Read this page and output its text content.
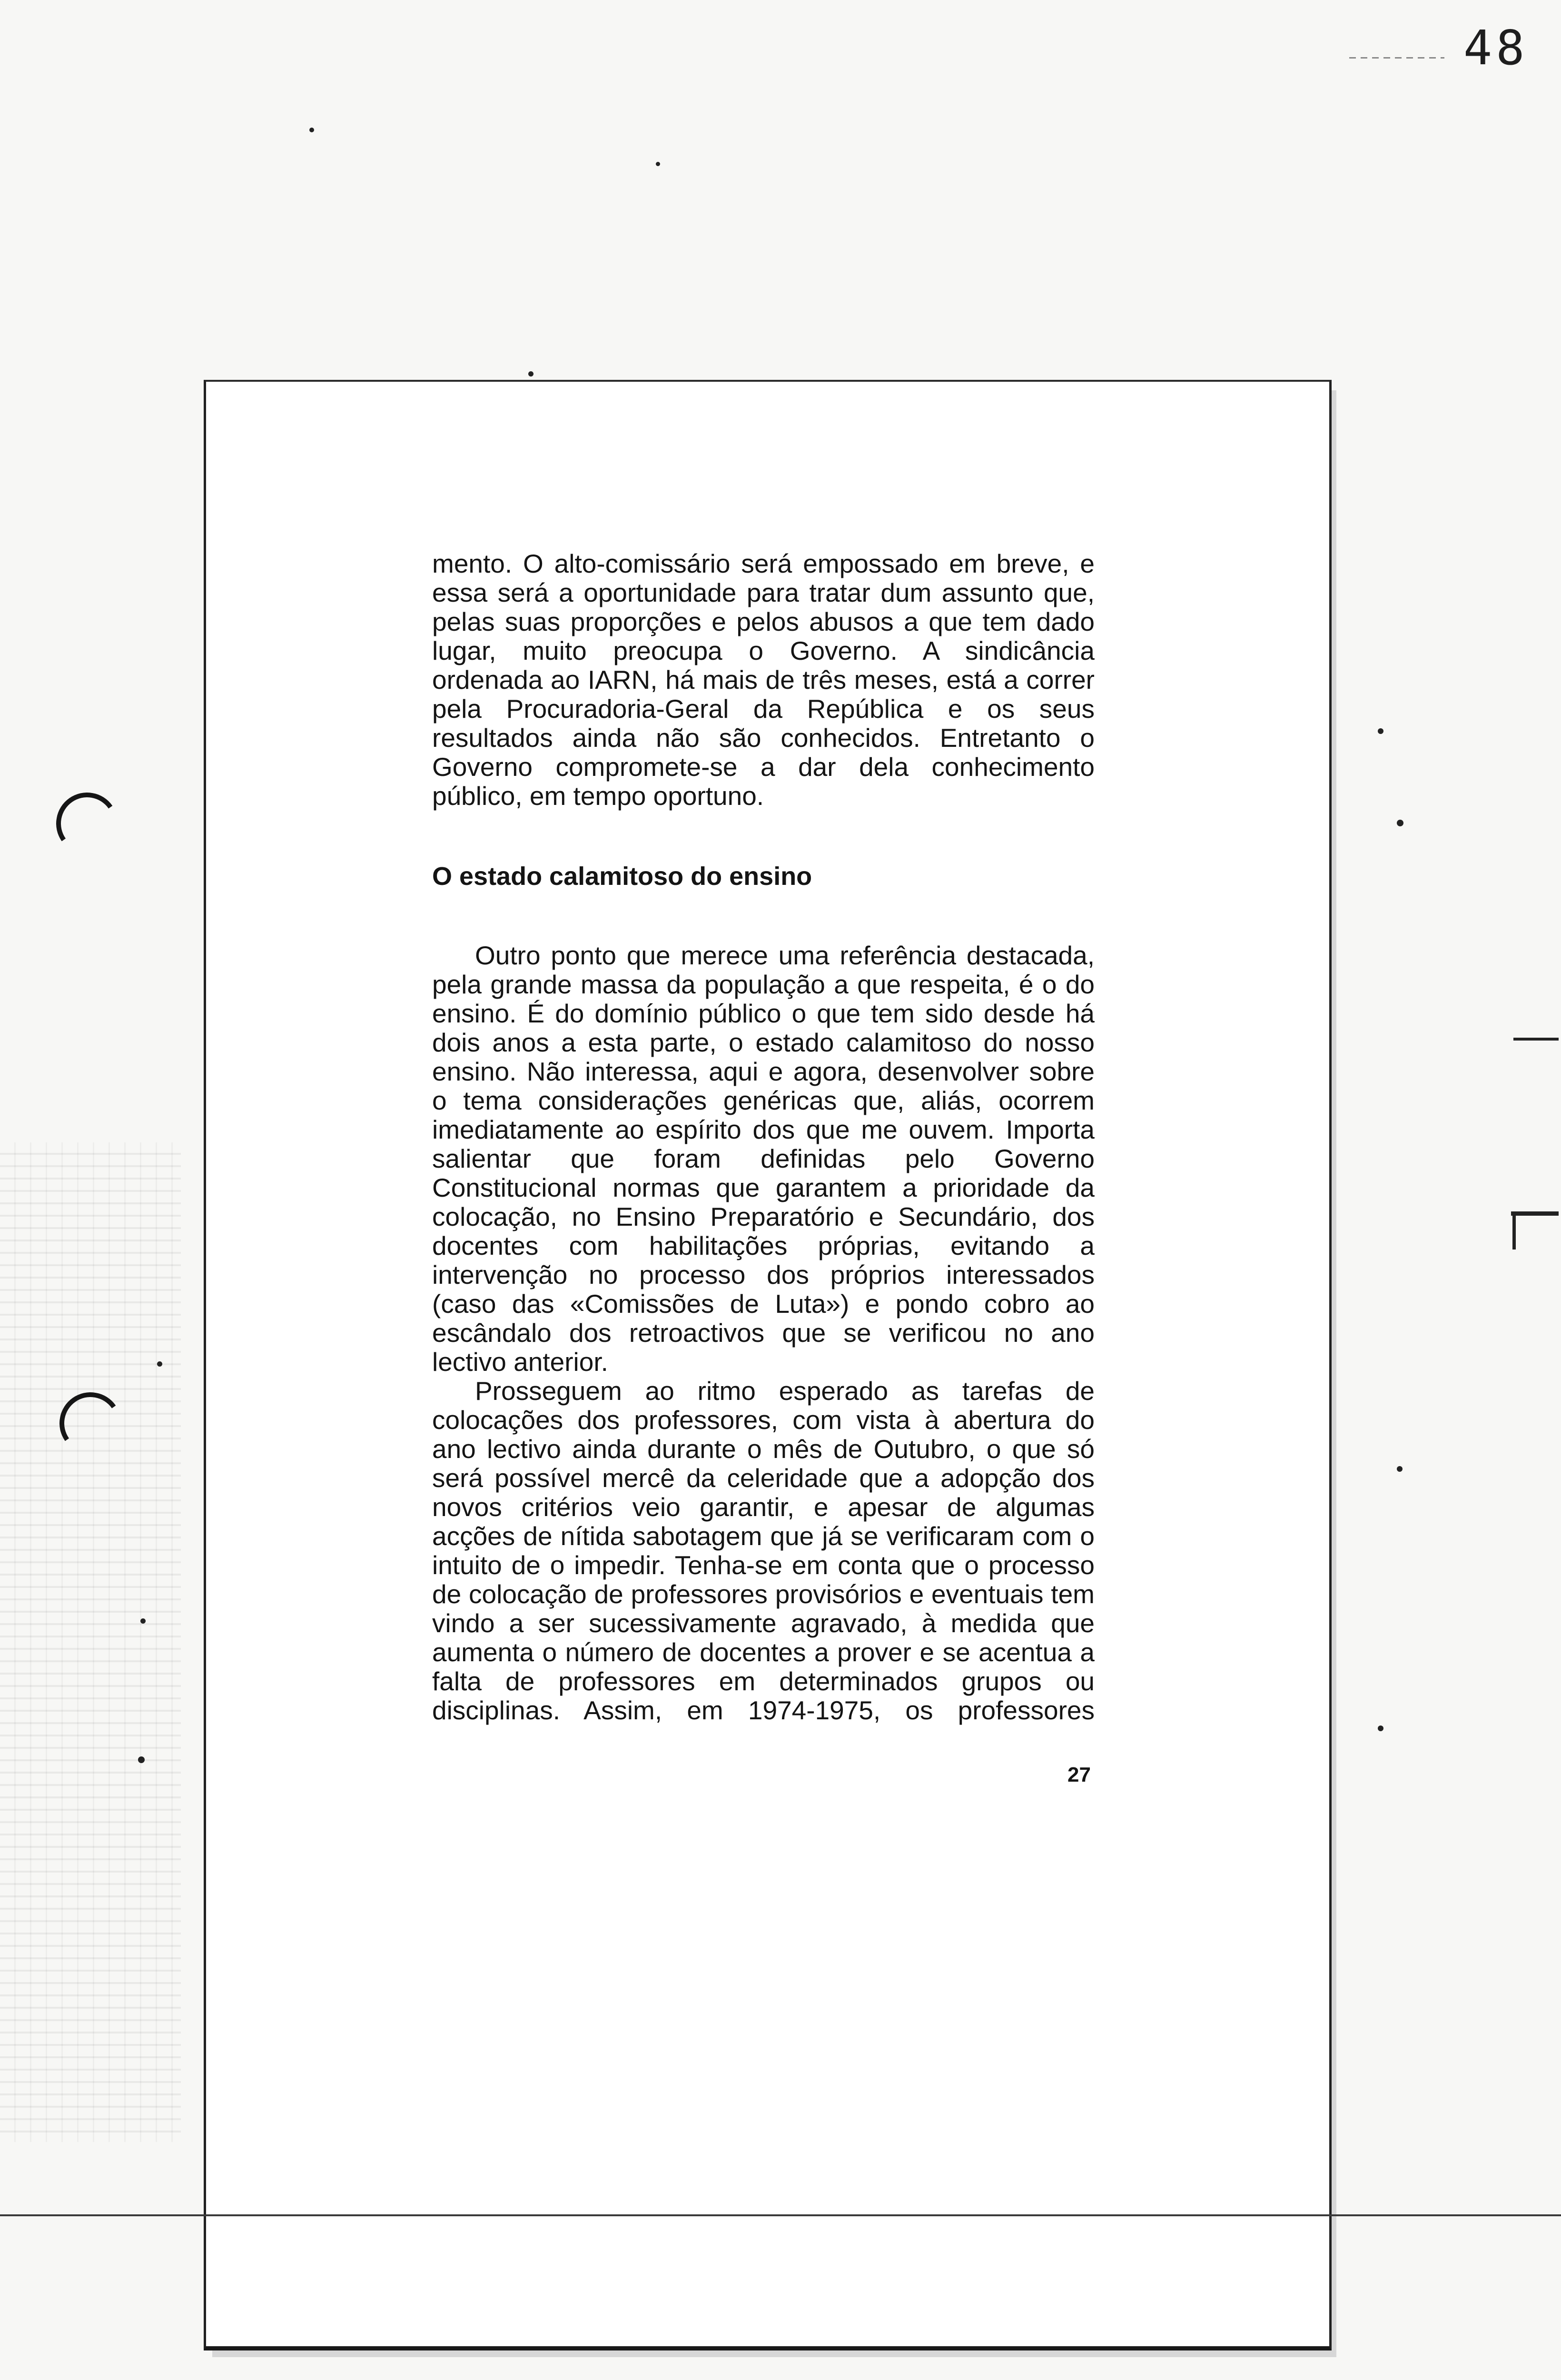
48

mento. O alto-comissário será empossado em breve, e essa será a oportunidade para tratar dum assunto que, pelas suas proporções e pelos abusos a que tem dado lugar, muito preocupa o Governo. A sindicância ordenada ao IARN, há mais de três meses, está a correr pela Procuradoria-Geral da República e os seus resultados ainda não são conhecidos. Entretanto o Governo compromete-se a dar dela conhecimento público, em tempo oportuno.

O estado calamitoso do ensino

Outro ponto que merece uma referência destacada, pela grande massa da população a que respeita, é o do ensino. É do domínio público o que tem sido desde há dois anos a esta parte, o estado calamitoso do nosso ensino. Não interessa, aqui e agora, desenvolver sobre o tema considerações genéricas que, aliás, ocorrem imediatamente ao espírito dos que me ouvem. Importa salientar que foram definidas pelo Governo Constitucional normas que garantem a prioridade da colocação, no Ensino Preparatório e Secundário, dos docentes com habilitações próprias, evitando a intervenção no processo dos próprios interessados (caso das «Comissões de Luta») e pondo cobro ao escândalo dos retroactivos que se verificou no ano lectivo anterior.

Prosseguem ao ritmo esperado as tarefas de colocações dos professores, com vista à abertura do ano lectivo ainda durante o mês de Outubro, o que só será possível mercê da celeridade que a adopção dos novos critérios veio garantir, e apesar de algumas acções de nítida sabotagem que já se verificaram com o intuito de o impedir. Tenha-se em conta que o processo de colocação de professores provisórios e eventuais tem vindo a ser sucessivamente agravado, à medida que aumenta o número de docentes a prover e se acentua a falta de professores em determinados grupos ou disciplinas. Assim, em 1974-1975, os professores

27
